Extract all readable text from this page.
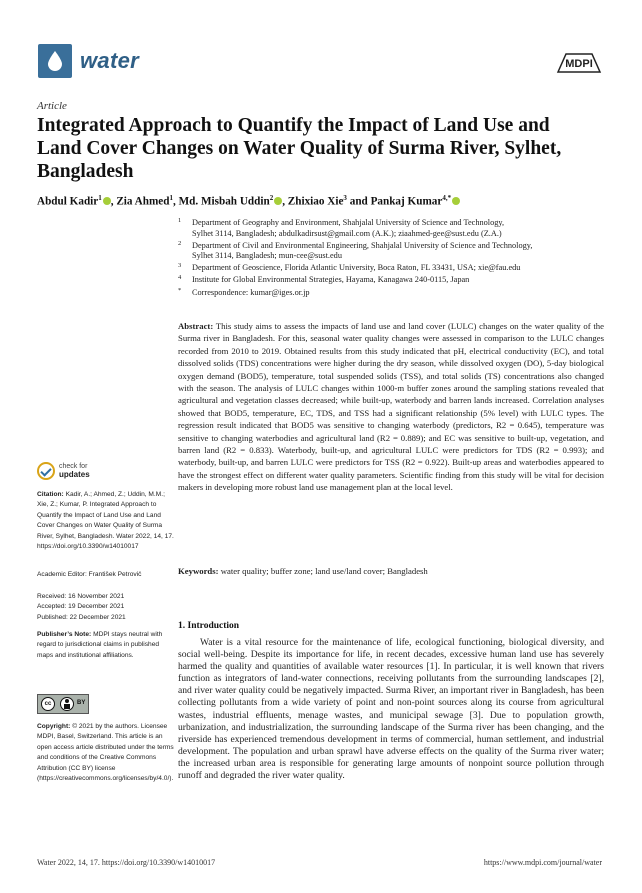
water	MDPI
Article
Integrated Approach to Quantify the Impact of Land Use and Land Cover Changes on Water Quality of Surma River, Sylhet, Bangladesh
Abdul Kadir$^1$ , Zia Ahmed$^1$, Md. Misbah Uddin$^2$ , Zhixiao Xie$^3$ and Pankaj Kumar$^{4,*}$
1 Department of Geography and Environment, Shahjalal University of Science and Technology,
Sylhet 3114, Bangladesh; abdulkadirsust@gmail.com (A.K.); ziaahmed-gee@sust.edu (Z.A.)
2 Department of Civil and Environmental Engineering, Shahjalal University of Science and Technology,
Sylhet 3114, Bangladesh; mun-cee@sust.edu
3 Department of Geoscience, Florida Atlantic University, Boca Raton, FL 33431, USA; xie@fau.edu
4 Institute for Global Environmental Strategies, Hayama, Kanagawa 240-0115, Japan
* Correspondence: kumar@iges.or.jp
Abstract: This study aims to assess the impacts of land use and land cover (LULC) changes on the water quality of the Surma river in Bangladesh. For this, seasonal water quality changes were assessed in comparison to the LULC changes recorded from 2010 to 2019. Obtained results from this study indicated that pH, electrical conductivity (EC), and total dissolved solids (TDS) concentrations were higher during the dry season, while dissolved oxygen (DO), 5-day biological oxygen demand (BOD5), temperature, total suspended solids (TSS), and total solids (TS) concentrations also changed with the season. The analysis of LULC changes within 1000-m buffer zones around the sampling stations revealed that agricultural and vegetation classes decreased; while built-up, waterbody and barren lands increased. Correlation analyses showed that BOD5, temperature, EC, TDS, and TSS had a significant relationship (5% level) with LULC types. The regression result indicated that BOD5 was sensitive to changing waterbody (predictors, R2 = 0.645), temperature was sensitive to changing waterbodies and agricultural land (R2 = 0.889); and EC was sensitive to built-up, vegetation, and barren land (R2 = 0.833). Waterbody, built-up, and agricultural LULC were predictors for TDS (R2 = 0.993); and waterbody, built-up, and barren LULC were predictors for TSS (R2 = 0.922). Built-up areas and waterbodies appeared to have the strongest effect on different water quality parameters. Scientific finding from this study will be vital for decision makers in developing more robust land use management plan at the local level.
Keywords: water quality; buffer zone; land use/land cover; Bangladesh
1. Introduction
Water is a vital resource for the maintenance of life, ecological functioning, biological diversity, and social well-being. Despite its importance for life, in recent decades, excessive human land use has severely harmed the quality and quantities of available water resources [1]. In particular, it is well known that rivers function as integrators of land-water connections, receiving pollutants from the surrounding landscapes [2], and river water quality could be negatively impacted. Surma River, an important river in Bangladesh, has been collecting pollutants from a wide variety of point and non-point sources along its course from agricultural wastes, industrial effluents, menage wastes, and municipal sewage [3]. Due to population growth, urbanization, and industrialization, the surrounding landscape of the Surma river has been changing, and the riverside has experienced tremendous development in terms of commercial, human settlement, and industrial development. The population and urban sprawl have adverse effects on the quality of the Surma river water; the increased urban area is responsible for generating large amounts of nonpoint source pollution through runoff and degraded the river water quality.
check for
updates
Citation: Kadir, A.; Ahmed, Z.; Uddin, M.M.; Xie, Z.; Kumar, P. Integrated Approach to Quantify the Impact of Land Use and Land Cover Changes on Water Quality of Surma River, Sylhet, Bangladesh. Water 2022, 14, 17. https://doi.org/10.3390/w14010017
Academic Editor: František Petrovič
Received: 16 November 2021
Accepted: 19 December 2021
Published: 22 December 2021
Publisher’s Note: MDPI stays neutral with regard to jurisdictional claims in published maps and institutional affiliations.
cc	BY
Copyright: © 2021 by the authors. Licensee MDPI, Basel, Switzerland. This article is an open access article distributed under the terms and conditions of the Creative Commons Attribution (CC BY) license (https://creativecommons.org/licenses/by/4.0/).
Water 2022, 14, 17. https://doi.org/10.3390/w14010017	https://www.mdpi.com/journal/water
